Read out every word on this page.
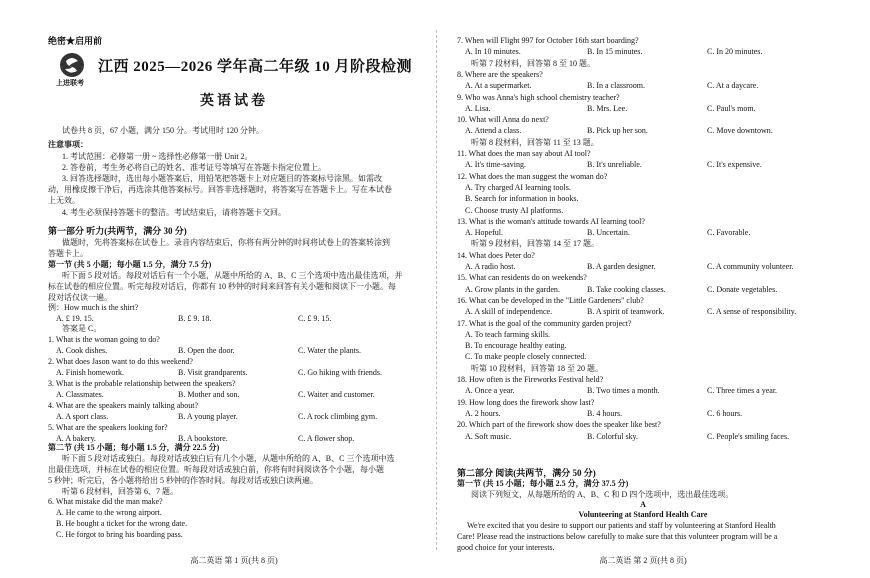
绝密★启用前
上进联考
江西 2025—2026 学年高二年级 10 月阶段检测
英语试卷
试卷共 8 页，67 小题，满分 150 分。考试用时 120 分钟。
注意事项：
1. 考试范围：必修第一册 ~ 选择性必修第一册 Unit 2。
2. 答卷前，考生务必将自己的姓名、准考证号等填写在答题卡指定位置上。
3. 回答选择题时，选出每小题答案后，用铅笔把答题卡上对应题目的答案标号涂黑。如需改
动，用橡皮擦干净后，再选涂其他答案标号。回答非选择题时，将答案写在答题卡上。写在本试卷
上无效。
4. 考生必须保持答题卡的整洁。考试结束后，请将答题卡交回。
第一部分 听力(共两节，满分 30 分)
做题时，先将答案标在试卷上。录音内容结束后，你将有两分钟的时间将试卷上的答案转涂到
答题卡上。
第一节 (共 5 小题；每小题 1.5 分，满分 7.5 分)
听下面 5 段对话。每段对话后有一个小题，从题中所给的 A、B、C 三个选项中选出最佳选项，并
标在试卷的相应位置。听完每段对话后，你都有 10 秒钟的时间来回答有关小题和阅读下一小题。每
段对话仅读一遍。
例：How much is the shirt?
A. £ 19. 15.	B. £ 9. 18.	C. £ 9. 15.
答案是 C。
1. What is the woman going to do?
A. Cook dishes.	B. Open the door.	C. Water the plants.
2. What does Jason want to do this weekend?
A. Finish homework.	B. Visit grandparents.	C. Go hiking with friends.
3. What is the probable relationship between the speakers?
A. Classmates.	B. Mother and son.	C. Waiter and customer.
4. What are the speakers mainly talking about?
A. A sport class.	B. A young player.	C. A rock climbing gym.
5. What are the speakers looking for?
A. A bakery.	B. A bookstore.	C. A flower shop.
第二节 (共 15 小题；每小题 1.5 分，满分 22.5 分)
听下面 5 段对话或独白。每段对话或独白后有几个小题，从题中所给的 A、B、C 三个选项中选
出最佳选项，并标在试卷的相应位置。听每段对话或独白前，你将有时间阅读各个小题，每小题
5 秒钟；听完后，各小题将给出 5 秒钟的作答时间。每段对话或独白读两遍。
听第 6 段材料，回答第 6、7 题。
6. What mistake did the man make?
A. He came to the wrong airport.
B. He bought a ticket for the wrong date.
C. He forgot to bring his boarding pass.
高二英语 第 1 页(共 8 页)
7. When will Flight 997 for October 16th start boarding?
A. In 10 minutes.	B. In 15 minutes.	C. In 20 minutes.
听第 7 段材料，回答第 8 至 10 题。
8. Where are the speakers?
A. At a supermarket.	B. In a classroom.	C. At a daycare.
9. Who was Anna's high school chemistry teacher?
A. Lisa.	B. Mrs. Lee.	C. Paul's mom.
10. What will Anna do next?
A. Attend a class.	B. Pick up her son.	C. Move downtown.
听第 8 段材料，回答第 11 至 13 题。
11. What does the man say about AI tool?
A. It's time-saving.	B. It's unreliable.	C. It's expensive.
12. What does the man suggest the woman do?
A. Try charged AI learning tools.
B. Search for information in books.
C. Choose trusty AI platforms.
13. What is the woman's attitude towards AI learning tool?
A. Hopeful.	B. Uncertain.	C. Favorable.
听第 9 段材料，回答第 14 至 17 题。
14. What does Peter do?
A. A radio host.	B. A garden designer.	C. A community volunteer.
15. What can residents do on weekends?
A. Grow plants in the garden.	B. Take cooking classes.	C. Donate vegetables.
16. What can be developed in the "Little Gardeners" club?
A. A skill of independence.	B. A spirit of teamwork.	C. A sense of responsibility.
17. What is the goal of the community garden project?
A. To teach farming skills.
B. To encourage healthy eating.
C. To make people closely connected.
听第 10 段材料，回答第 18 至 20 题。
18. How often is the Fireworks Festival held?
A. Once a year.	B. Two times a month.	C. Three times a year.
19. How long does the firework show last?
A. 2 hours.	B. 4 hours.	C. 6 hours.
20. Which part of the firework show does the speaker like best?
A. Soft music.	B. Colorful sky.	C. People's smiling faces.
第二部分 阅读(共两节，满分 50 分)
第一节 (共 15 小题；每小题 2.5 分，满分 37.5 分)
阅读下列短文，从每题所给的 A、B、C 和 D 四个选项中，选出最佳选项。
A
Volunteering at Stanford Health Care
We're excited that you desire to support our patients and staff by volunteering at Stanford Health
Care! Please read the instructions below carefully to make sure that this volunteer program will be a
good choice for your interests.
高二英语 第 2 页(共 8 页)
